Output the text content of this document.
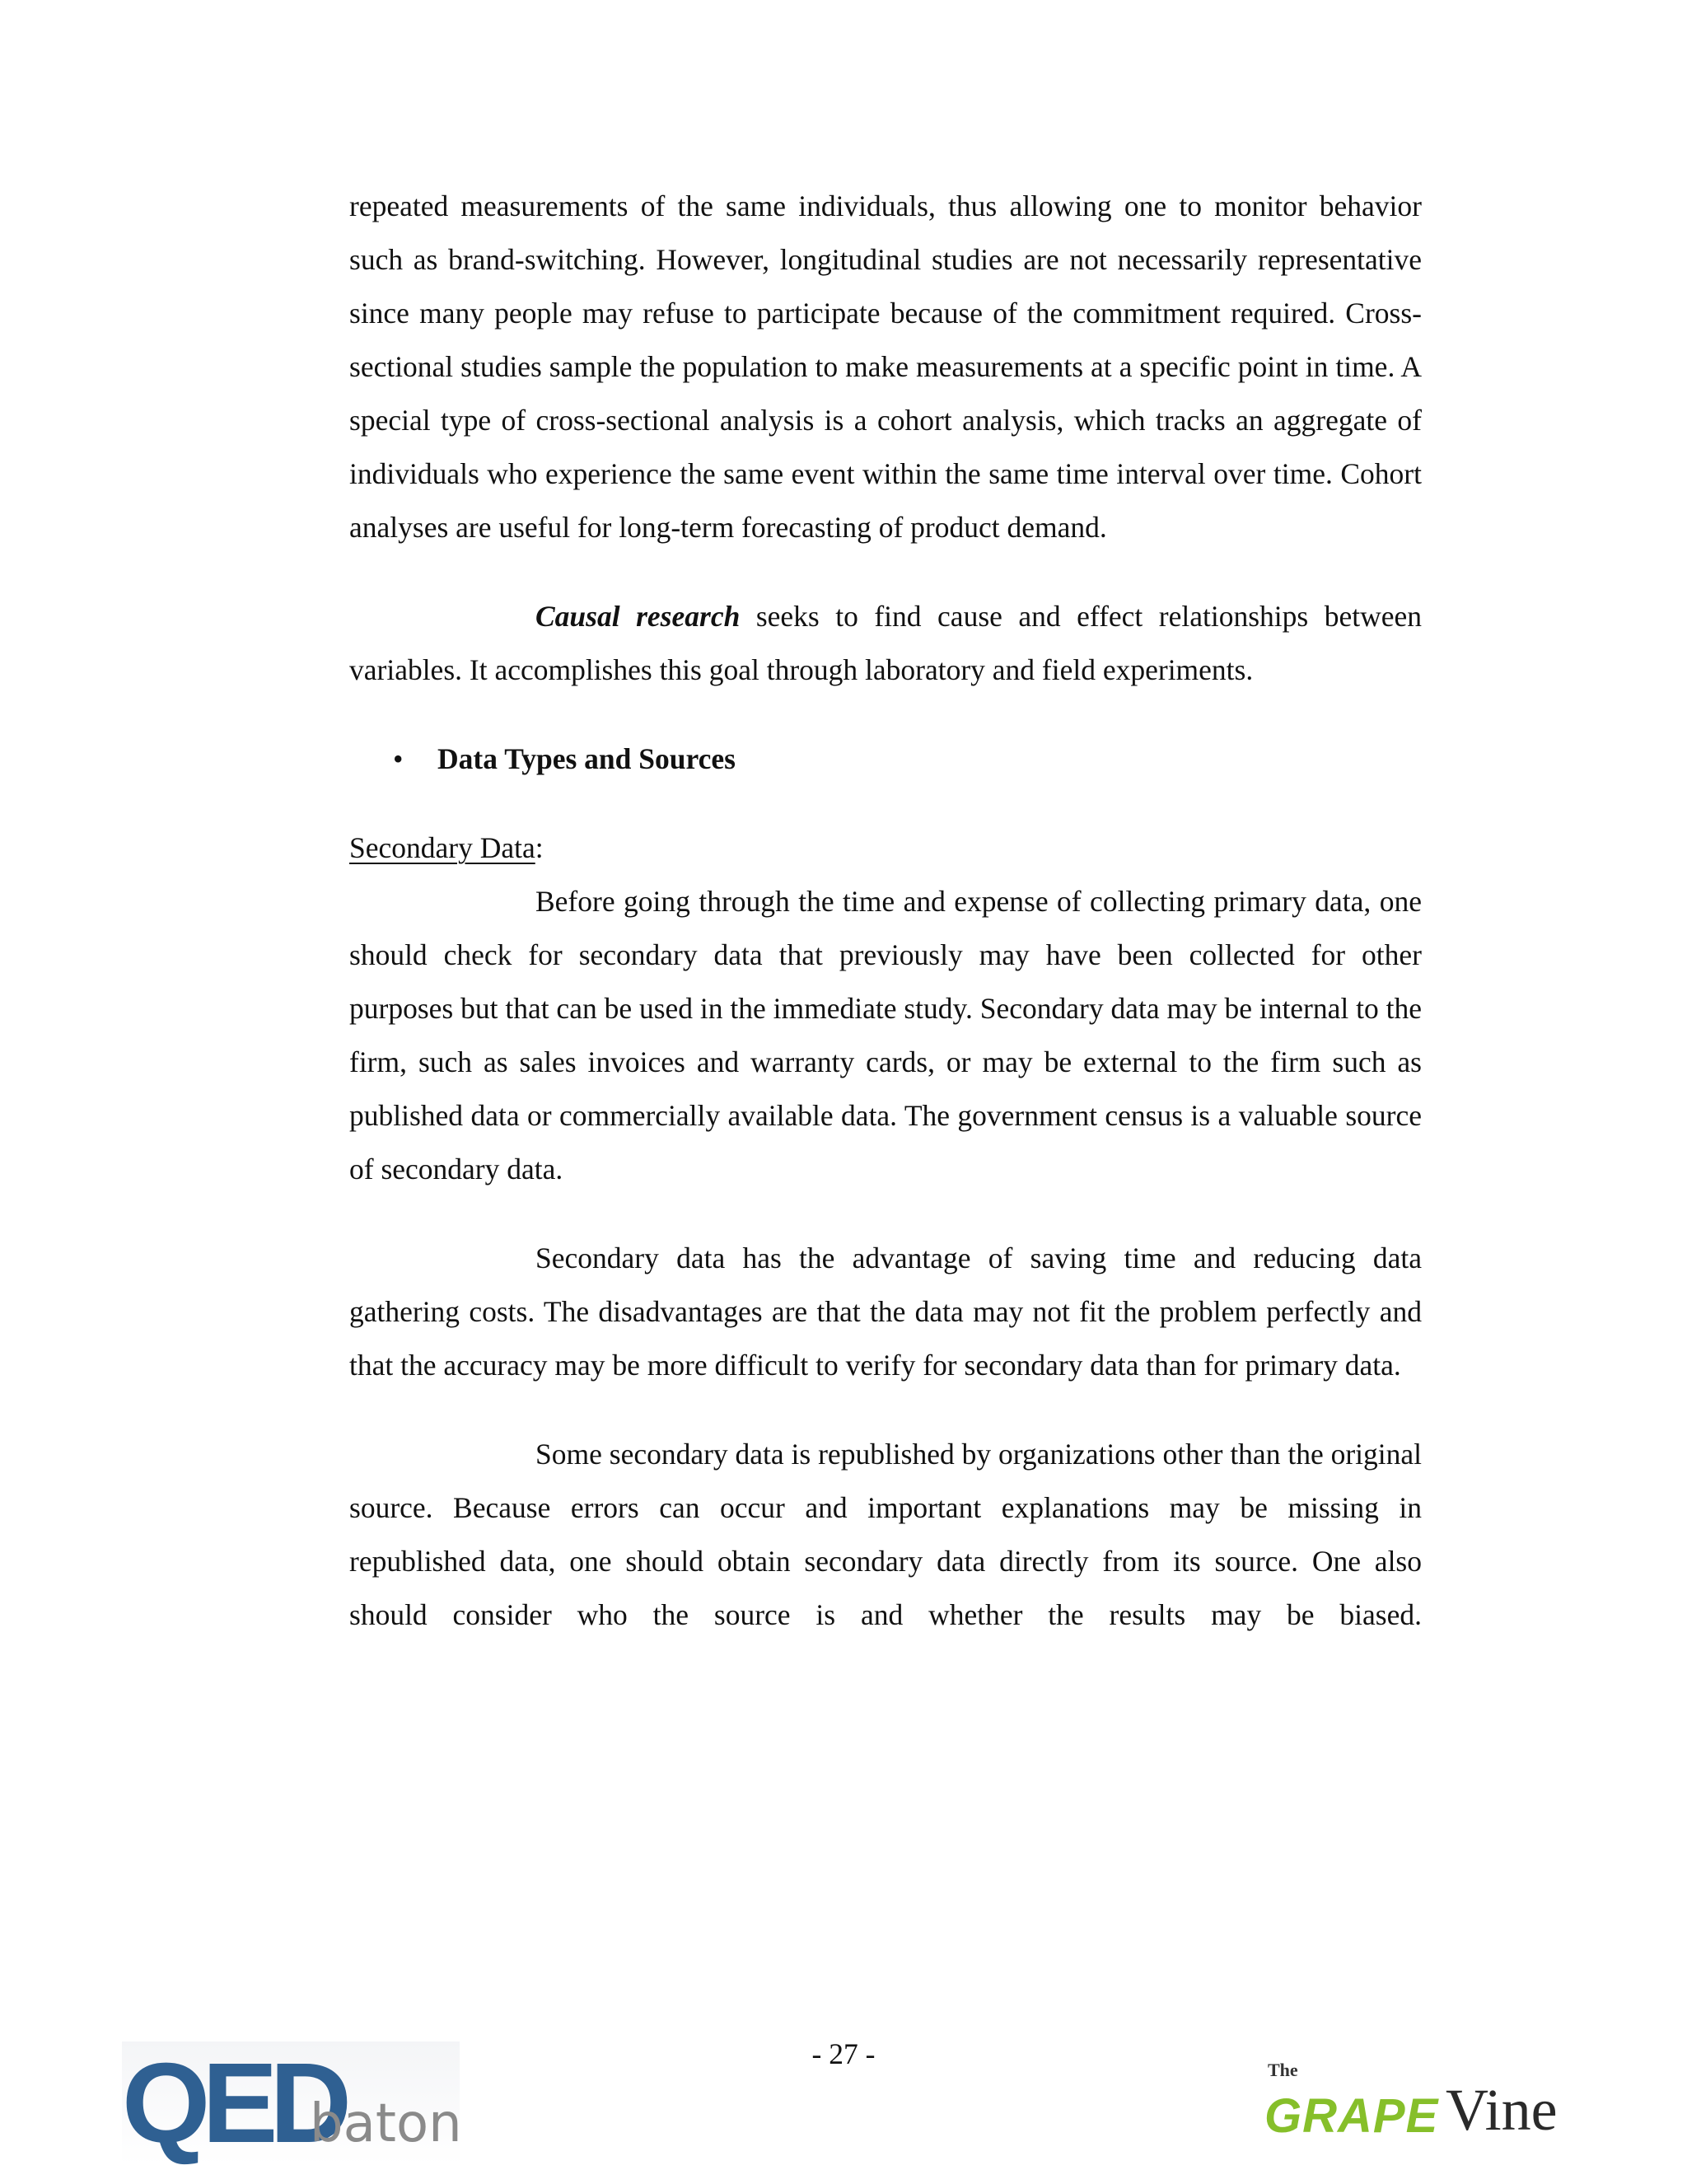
repeated measurements of the same individuals, thus allowing one to monitor behavior such as brand-switching. However, longitudinal studies are not necessarily representative since many people may refuse to participate because of the commitment required. Cross-sectional studies sample the population to make measurements at a specific point in time. A special type of cross-sectional analysis is a cohort analysis, which tracks an aggregate of individuals who experience the same event within the same time interval over time. Cohort analyses are useful for long-term forecasting of product demand.

Causal research seeks to find cause and effect relationships between variables. It accomplishes this goal through laboratory and field experiments.

•	Data Types and Sources

Secondary Data:

Before going through the time and expense of collecting primary data, one should check for secondary data that previously may have been collected for other purposes but that can be used in the immediate study. Secondary data may be internal to the firm, such as sales invoices and warranty cards, or may be external to the firm such as published data or commercially available data. The government census is a valuable source of secondary data.

Secondary data has the advantage of saving time and reducing data gathering costs. The disadvantages are that the data may not fit the problem perfectly and that the accuracy may be more difficult to verify for secondary data than for primary data.

Some secondary data is republished by organizations other than the original source. Because errors can occur and important explanations may be missing in republished data, one should obtain secondary data directly from its source. One also should consider who the source is and whether the results may be biased.

- 27 -
QED
baton
The
GRAPE Vine
